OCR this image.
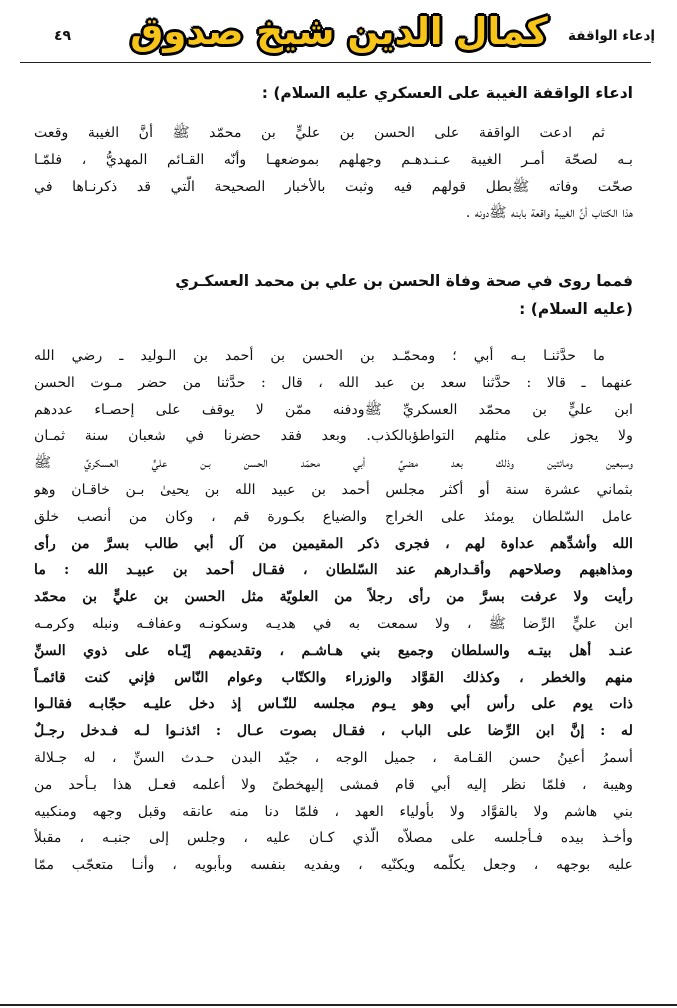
إدعاء الواقفة
كمال الدين شيخ صدوق
٤٩
ادعاء الواقفة الغيبة على العسكري عليه السلام) :
ثم ادعت الواقفة على الحسن بن عليٍّ بن محمّد ﷺ أنَّ الغيبة وقعت
بـه لصحّة أمـر الغيبة عـنـدهـم وجهلهم بموضعهـا وأنّه القـائم المهديُّ ، فلمّـا
صحّت وفاته ﷺبطل قولهم فيه وثبت بالأخبار الصحيحة الّتي قد ذكرنـاها في
هذا الكتاب أنَّ الغيبة واقعة بابنه ﷺدونه .
فمما روى في صحة وفاة الحسن بن علي بن محمد العسكـري
(عليه السلام) :
ما حدَّثنـا بـه أبي ؛ ومحمّـد بن الحسن بن أحمد بن الـوليد ـ رضي الله
عنهما ـ قالا : حدَّثنا سعد بن عبد الله ، قال : حدَّثنا من حضر مـوت الحسن
ابن عليٍّ بن محمّد العسكريِّ ﷺودفنه ممّن لا يوقف على إحصـاء عددهم
ولا يجوز على مثلهم التواطؤبالكذب. وبعد فقد حضرنا في شعبان سنة ثمـان
وسبعين ومائتين وذلك بعد مضيِّ أبي محمّد الحسن بـن عليٍّ العسكريِّ ﷺ
بثماني عشرة سنة أو أكثر مجلس أحمد بن عبيد الله بن يحيىٰ بـن خاقـان وهو
عامل السّلطان يومئذ على الخراج والضياع بكـورة قم ، وكان من أنصب خلق
الله وأشدِّهم عداوة لهم ، فجرى ذكر المقيمين من آل أبي طالب بسرَّ من رأى
ومذاهبهم وصلاحهم وأقـدارهم عند السّلطان ، فقـال أحمد بن عبيـد الله : ما
رأيت ولا عرفت بسرَّ من رأى رجلاً من العلويّة مثل الحسن بن عليٍّ بن محمّد
ابن عليٍّ الرِّضا ﷺ ، ولا سمعت به في هديـه وسكونـه وعفافـه ونبله وكرمـه
عنـد أهل بيتـه والسلطان وجميع بني هـاشـم ، وتقديمهم إيّـاه على ذوي السنِّ
منهم والخطر ، وكذلك القوَّاد والوزراء والكتّاب وعوام النّاس فإني كنت قائمـاً
ذات يوم على رأس أبي وهو يـوم مجلسه للنّـاس إذ دخل عليـه حجّابـه فقالـوا
له : إنَّ ابن الرِّضا على الباب ، فقـال بصوت عـال : ائذنـوا لـه فـدخل رجـلٌ
أسمرُ أعينُ حسن القـامة ، جميل الوجه ، جيّد البدن حـدث السنِّ ، له جـلالة
وهيبة ، فلمّا نظر إليه أبي قام فمشى إليهخطىً ولا أعلمه فعـل هذا بـأحد من
بني هاشم ولا بالقوَّاد ولا بأولياء العهد ، فلمّا دنا منه عانقه وقبل وجهه ومنكبيه
وأخـذ بيده فـأجلسه على مصلاّه الّذي كـان عليه ، وجلس إلى جنبـه ، مقبلاً
عليه بوجهه ، وجعل يكلّمه ويكنّيه ، ويفديه بنفسه وبأبويه ، وأنـا متعجّب ممّا
